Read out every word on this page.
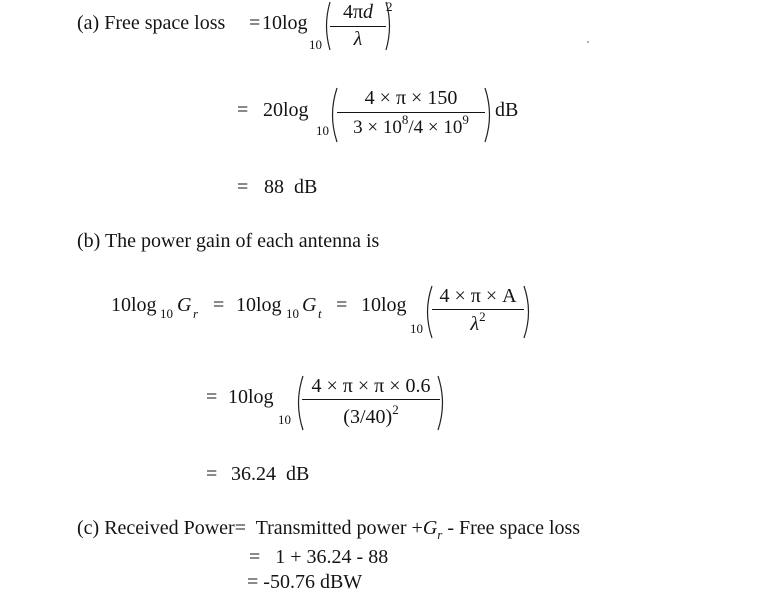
(a) Free space loss = 10log
10
4πd
λ
2
= 20log
10
4 × π × 150
$3 \times 10^8/4 \times 10^9$	dB
= 88  dB
(b) The power gain of each antenna is
10log 10 G r = 10log 10 G t = 10log
10
4 × π × A
$\lambda^2$
= 10log
10
4 × π × π × 0.6
$(3/40)^2$
= 36.24  dB
(c) Received Power=  Transmitted power $+G_r$ - Free space loss
=   1 + 36.24 - 88
= -50.76 dBW
